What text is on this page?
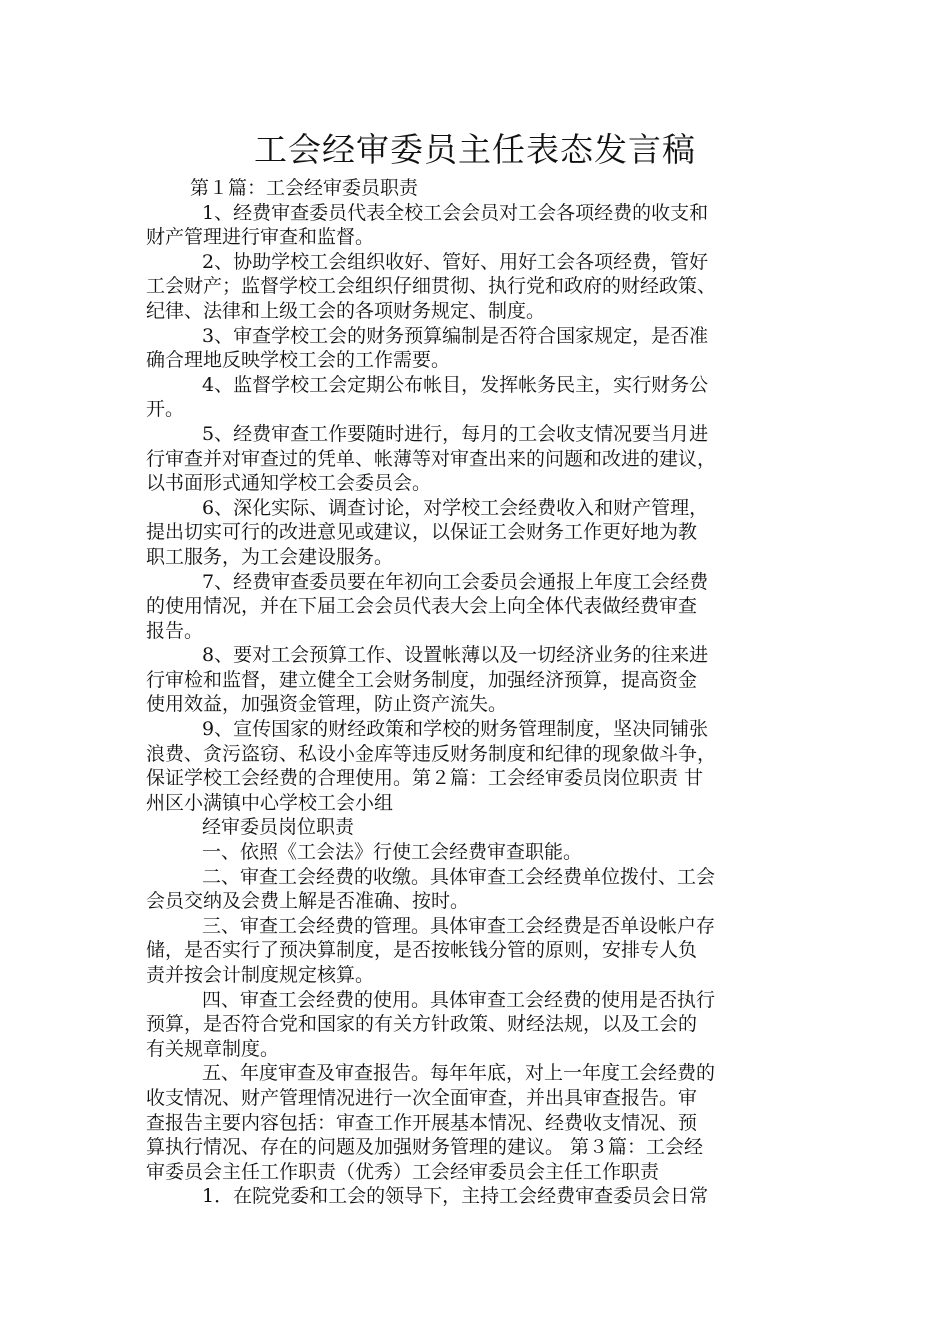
工会经审委员主任表态发言稿
第１篇：工会经审委员职责
1、经费审查委员代表全校工会会员对工会各项经费的收支和
财产管理进行审查和监督。
2、协助学校工会组织收好、管好、用好工会各项经费，管好
工会财产；监督学校工会组织仔细贯彻、执行党和政府的财经政策、
纪律、法律和上级工会的各项财务规定、制度。
3、审查学校工会的财务预算编制是否符合国家规定，是否准
确合理地反映学校工会的工作需要。
4、监督学校工会定期公布帐目，发挥帐务民主，实行财务公
开。
5、经费审查工作要随时进行，每月的工会收支情况要当月进
行审查并对审查过的凭单、帐薄等对审查出来的问题和改进的建议，
以书面形式通知学校工会委员会。
6、深化实际、调查讨论，对学校工会经费收入和财产管理，
提出切实可行的改进意见或建议，以保证工会财务工作更好地为教
职工服务，为工会建设服务。
7、经费审查委员要在年初向工会委员会通报上年度工会经费
的使用情况，并在下届工会会员代表大会上向全体代表做经费审查
报告。
8、要对工会预算工作、设置帐薄以及一切经济业务的往来进
行审检和监督，建立健全工会财务制度，加强经济预算，提高资金
使用效益，加强资金管理，防止资产流失。
9、宣传国家的财经政策和学校的财务管理制度，坚决同铺张
浪费、贪污盗窃、私设小金库等违反财务制度和纪律的现象做斗争，
保证学校工会经费的合理使用。第２篇：工会经审委员岗位职责 甘
州区小满镇中心学校工会小组
经审委员岗位职责
一、依照《工会法》行使工会经费审查职能。
二、审查工会经费的收缴。具体审查工会经费单位拨付、工会
会员交纳及会费上解是否准确、按时。
三、审查工会经费的管理。具体审查工会经费是否单设帐户存
储，是否实行了预决算制度，是否按帐钱分管的原则，安排专人负
责并按会计制度规定核算。
四、审查工会经费的使用。具体审查工会经费的使用是否执行
预算，是否符合党和国家的有关方针政策、财经法规，以及工会的
有关规章制度。
五、年度审查及审查报告。每年年底，对上一年度工会经费的
收支情况、财产管理情况进行一次全面审查，并出具审查报告。审
查报告主要内容包括：审查工作开展基本情况、经费收支情况、预
算执行情况、存在的问题及加强财务管理的建议。 第３篇：工会经
审委员会主任工作职责（优秀）工会经审委员会主任工作职责
1．在院党委和工会的领导下，主持工会经费审查委员会日常
